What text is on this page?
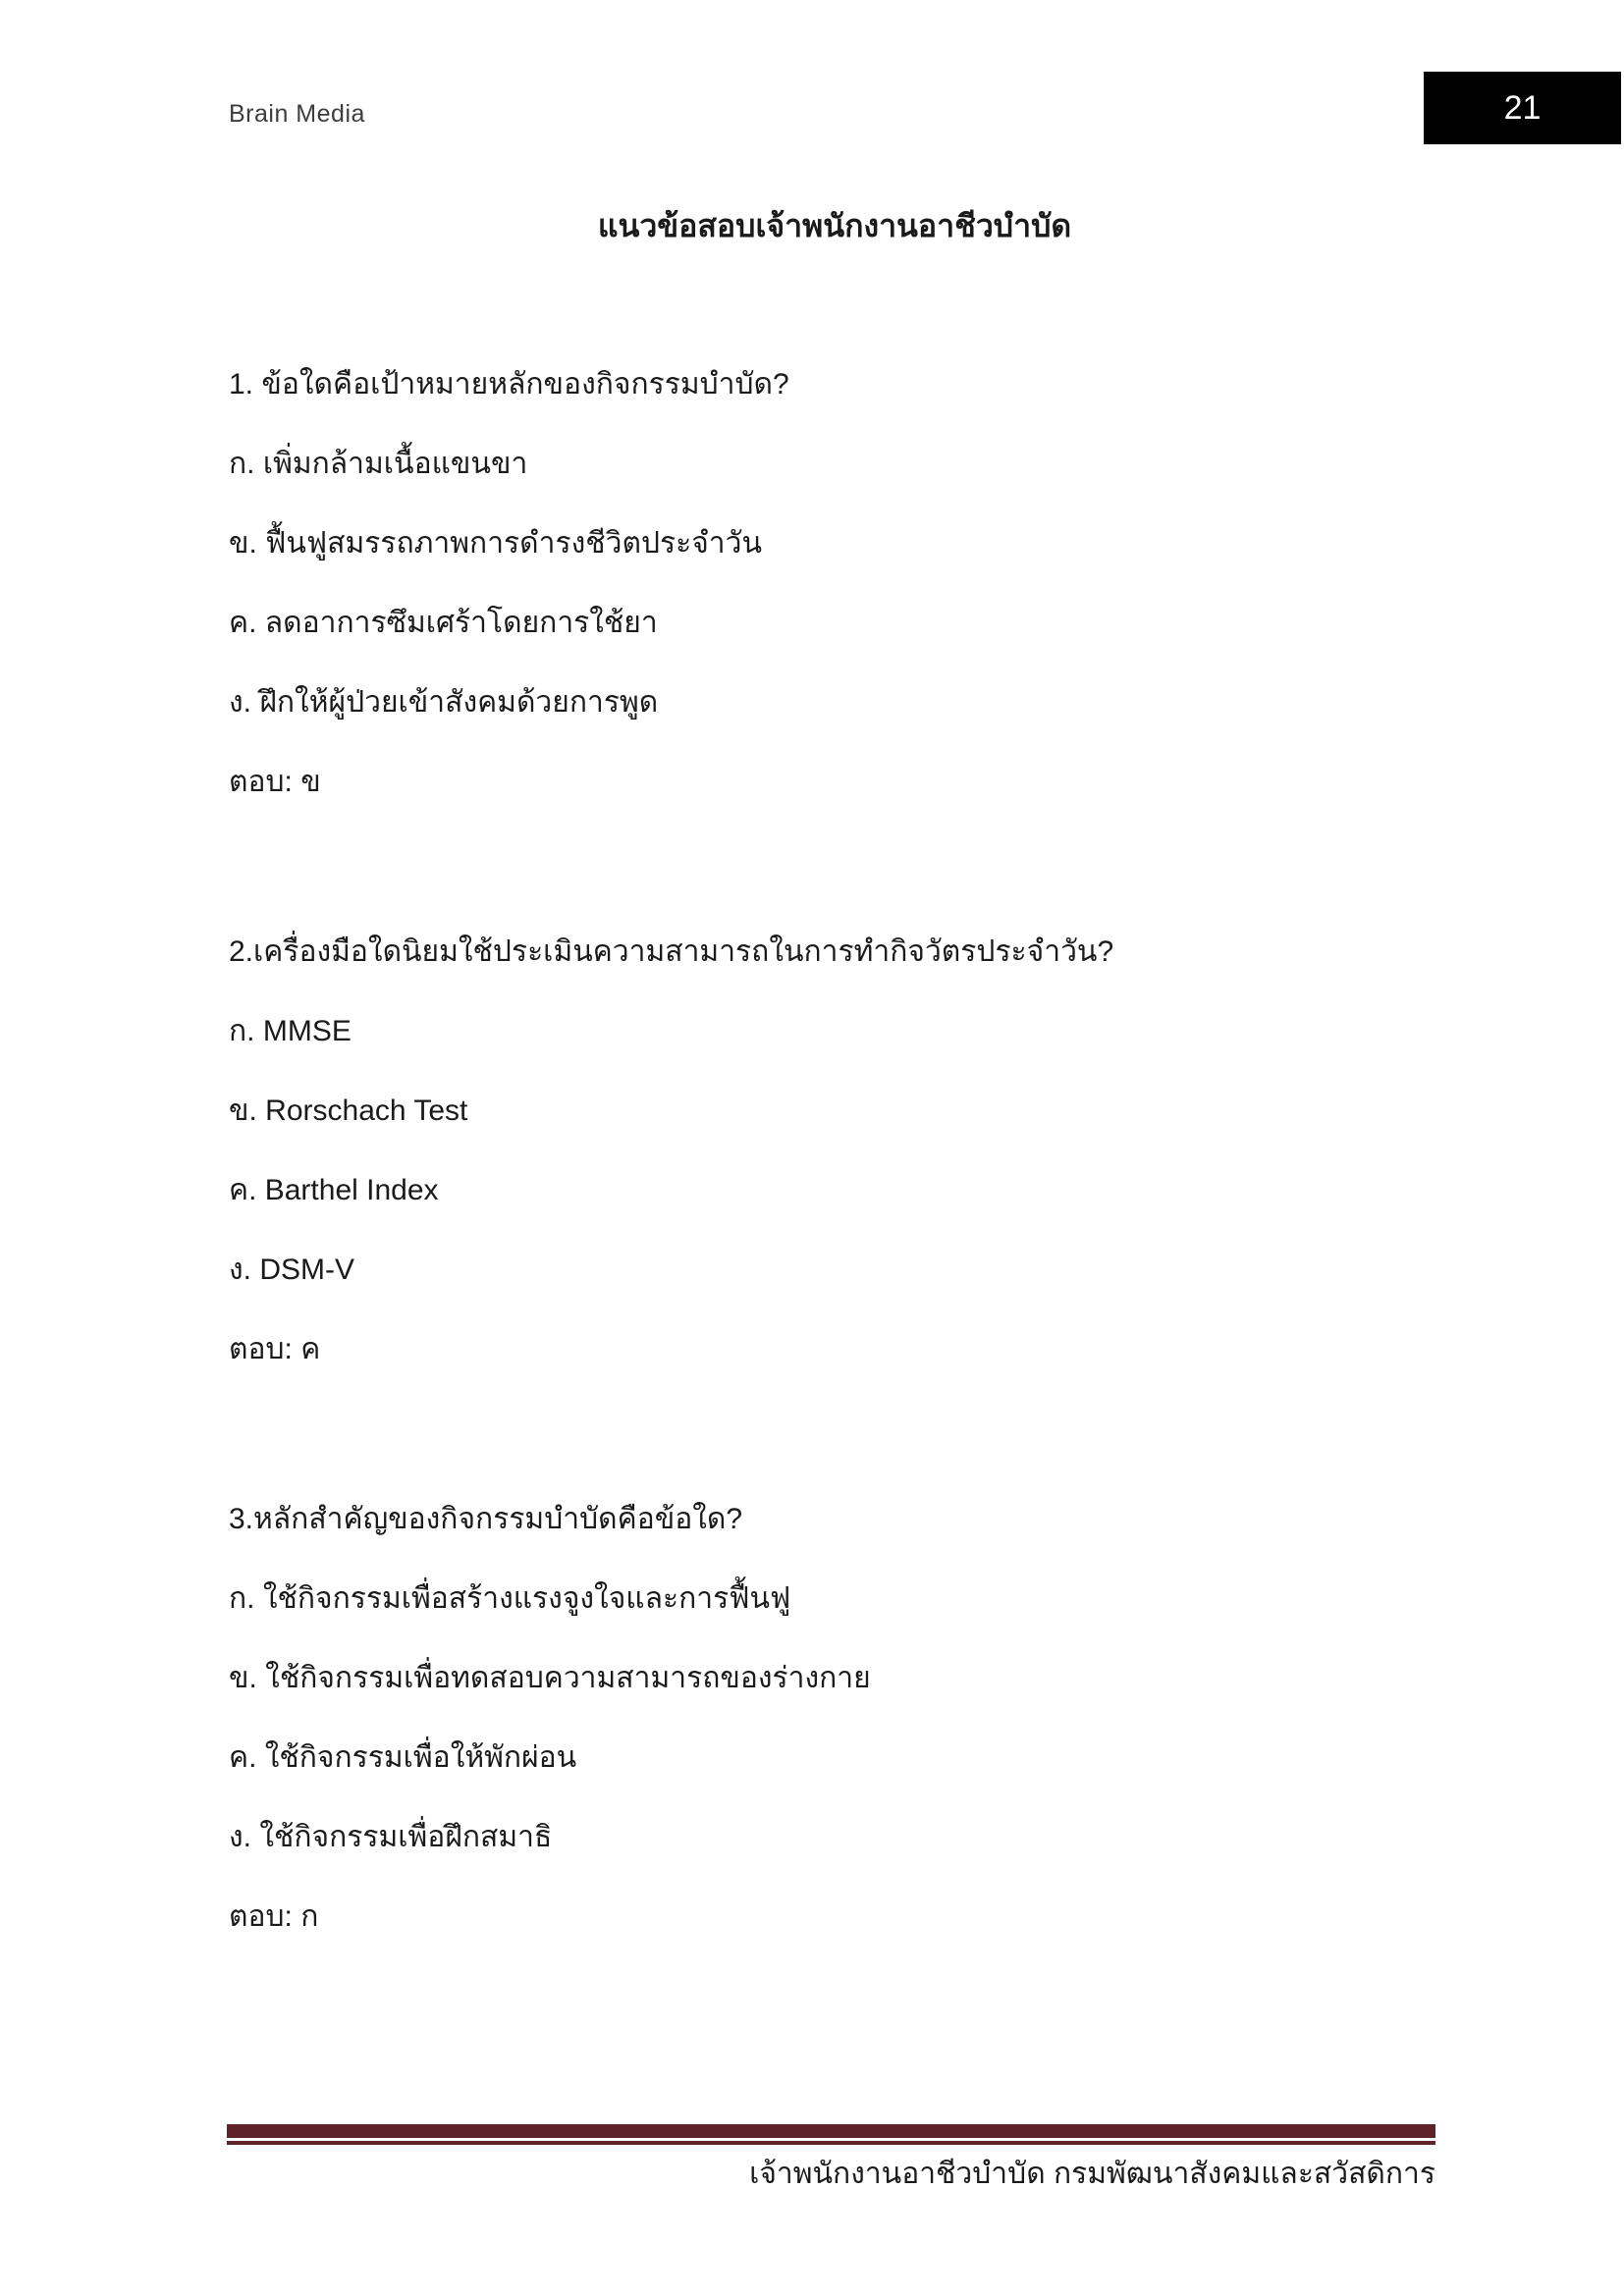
Brain Media	21
แนวข้อสอบเจ้าพนักงานอาชีวบำบัด

1. ข้อใดคือเป้าหมายหลักของกิจกรรมบำบัด?

ก. เพิ่มกล้ามเนื้อแขนขา

ข. ฟื้นฟูสมรรถภาพการดำรงชีวิตประจำวัน

ค. ลดอาการซึมเศร้าโดยการใช้ยา

ง. ฝึกให้ผู้ป่วยเข้าสังคมด้วยการพูด

ตอบ: ข

2.เครื่องมือใดนิยมใช้ประเมินความสามารถในการทำกิจวัตรประจำวัน?

ก. MMSE

ข. Rorschach Test

ค. Barthel Index

ง. DSM-V

ตอบ: ค

3.หลักสำคัญของกิจกรรมบำบัดคือข้อใด?

ก. ใช้กิจกรรมเพื่อสร้างแรงจูงใจและการฟื้นฟู

ข. ใช้กิจกรรมเพื่อทดสอบความสามารถของร่างกาย

ค. ใช้กิจกรรมเพื่อให้พักผ่อน

ง. ใช้กิจกรรมเพื่อฝึกสมาธิ

ตอบ: ก

เจ้าพนักงานอาชีวบำบัด กรมพัฒนาสังคมและสวัสดิการ
